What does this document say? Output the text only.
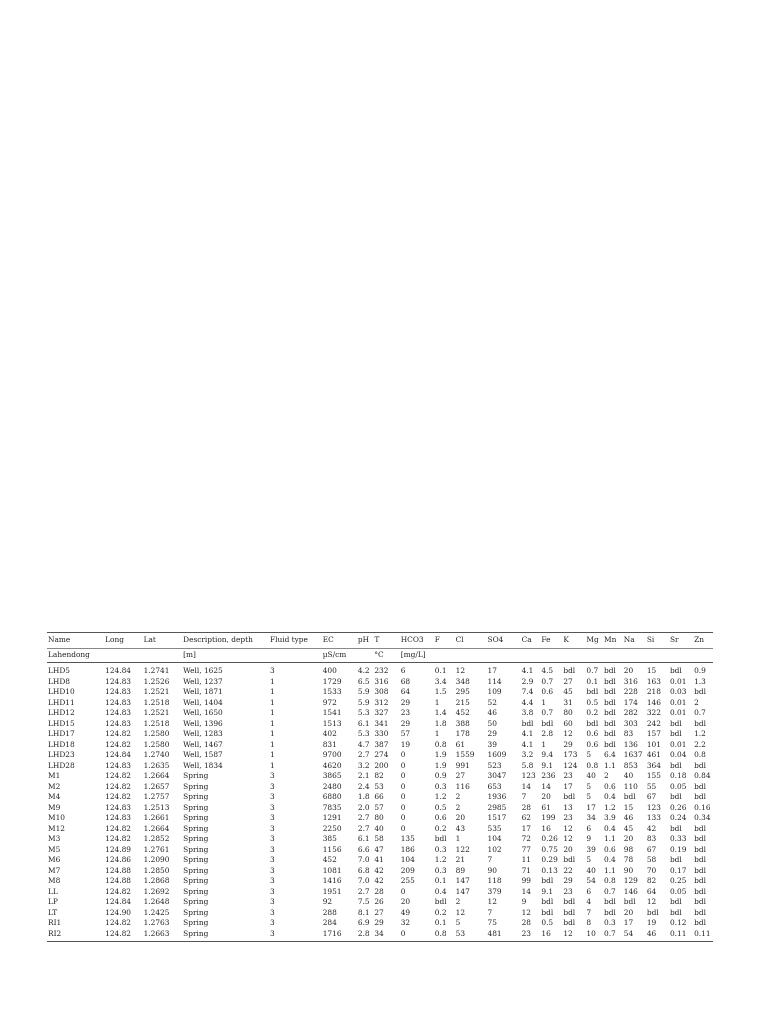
Name	Long	Lat	Description, depth	Fluid type	EC	pH	T	HCO3	F	Cl	SO4	Ca	Fe	K	Mg	Mn	Na	Si	Sr	Zn
Lahendong			[m]		µS/cm		°C	[mg/L]												
LHD5	124.84	1.2741	Well, 1625	3	400	4.2	232	6	0.1	12	17	4.1	4.5	bdl	0.7	bdl	20	15	bdl	0.9
LHD8	124.83	1.2526	Well, 1237	1	1729	6.5	316	68	3.4	348	114	2.9	0.7	27	0.1	bdl	316	163	0.01	1.3
LHD10	124.83	1.2521	Well, 1871	1	1533	5.9	308	64	1.5	295	109	7.4	0.6	45	bdl	bdl	228	218	0.03	bdl
LHD11	124.83	1.2518	Well, 1404	1	972	5.9	312	29	1	215	52	4.4	1	31	0.5	bdl	174	146	0.01	2
LHD12	124.83	1.2521	Well, 1650	1	1541	5.3	327	23	1.4	452	46	3.8	0.7	80	0.2	bdl	282	322	0.01	0.7
LHD15	124.83	1.2518	Well, 1396	1	1513	6.1	341	29	1.8	388	50	bdl	bdl	60	bdl	bdl	303	242	bdl	bdl
LHD17	124.82	1.2580	Well, 1283	1	402	5.3	330	57	1	178	29	4.1	2.8	12	0.6	bdl	83	157	bdl	1.2
LHD18	124.82	1.2580	Well, 1467	1	831	4.7	387	19	0.8	61	39	4.1	1	29	0.6	bdl	136	101	0.01	2.2
LHD23	124.84	1.2740	Well, 1587	1	9700	2.7	274	0	1.9	1559	1609	3.2	9.4	173	5	6.4	1637	461	0.04	0.8
LHD28	124.83	1.2635	Well, 1834	1	4620	3.2	200	0	1.9	991	523	5.8	9.1	124	0.8	1.1	853	364	bdl	bdl
M1	124.82	1.2664	Spring	3	3865	2.1	82	0	0.9	27	3047	123	236	23	40	2	40	155	0.18	0.84
M2	124.82	1.2657	Spring	3	2480	2.4	53	0	0.3	116	653	14	14	17	5	0.6	110	55	0.05	bdl
M4	124.82	1.2757	Spring	3	6880	1.8	66	0	1.2	2	1936	7	20	bdl	5	0.4	bdl	67	bdl	bdl
M9	124.83	1.2513	Spring	3	7835	2.0	57	0	0.5	2	2985	28	61	13	17	1.2	15	123	0.26	0.16
M10	124.83	1.2661	Spring	3	1291	2.7	80	0	0.6	20	1517	62	199	23	34	3.9	46	133	0.24	0.34
M12	124.82	1.2664	Spring	3	2250	2.7	40	0	0.2	43	535	17	16	12	6	0.4	45	42	bdl	bdl
M3	124.82	1.2852	Spring	3	385	6.1	58	135	bdl	1	104	72	0.26	12	9	1.1	20	83	0.33	bdl
M5	124.89	1.2761	Spring	3	1156	6.6	47	186	0.3	122	102	77	0.75	20	39	0.6	98	67	0.19	bdl
M6	124.86	1.2090	Spring	3	452	7.0	41	104	1.2	21	7	11	0.29	bdl	5	0.4	78	58	bdl	bdl
M7	124.88	1.2850	Spring	3	1081	6.8	42	209	0.3	89	90	71	0.13	22	40	1.1	90	70	0.17	bdl
M8	124.88	1.2868	Spring	3	1416	7.0	42	255	0.1	147	118	99	bdl	29	54	0.8	129	82	0.25	bdl
LL	124.82	1.2692	Spring	3	1951	2.7	28	0	0.4	147	379	14	9.1	23	6	0.7	146	64	0.05	bdl
LP	124.84	1.2648	Spring	3	92	7.5	26	20	bdl	2	12	9	bdl	bdl	4	bdl	bdl	12	bdl	bdl
LT	124.90	1.2425	Spring	3	288	8.1	27	49	0.2	12	7	12	bdl	bdl	7	bdl	20	bdl	bdl	bdl
RI1	124.82	1.2763	Spring	3	284	6.9	29	32	0.1	5	75	28	0.5	bdl	8	0.3	17	19	0.12	bdl
RI2	124.82	1.2663	Spring	3	1716	2.8	34	0	0.8	53	481	23	16	12	10	0.7	54	46	0.11	0.11
